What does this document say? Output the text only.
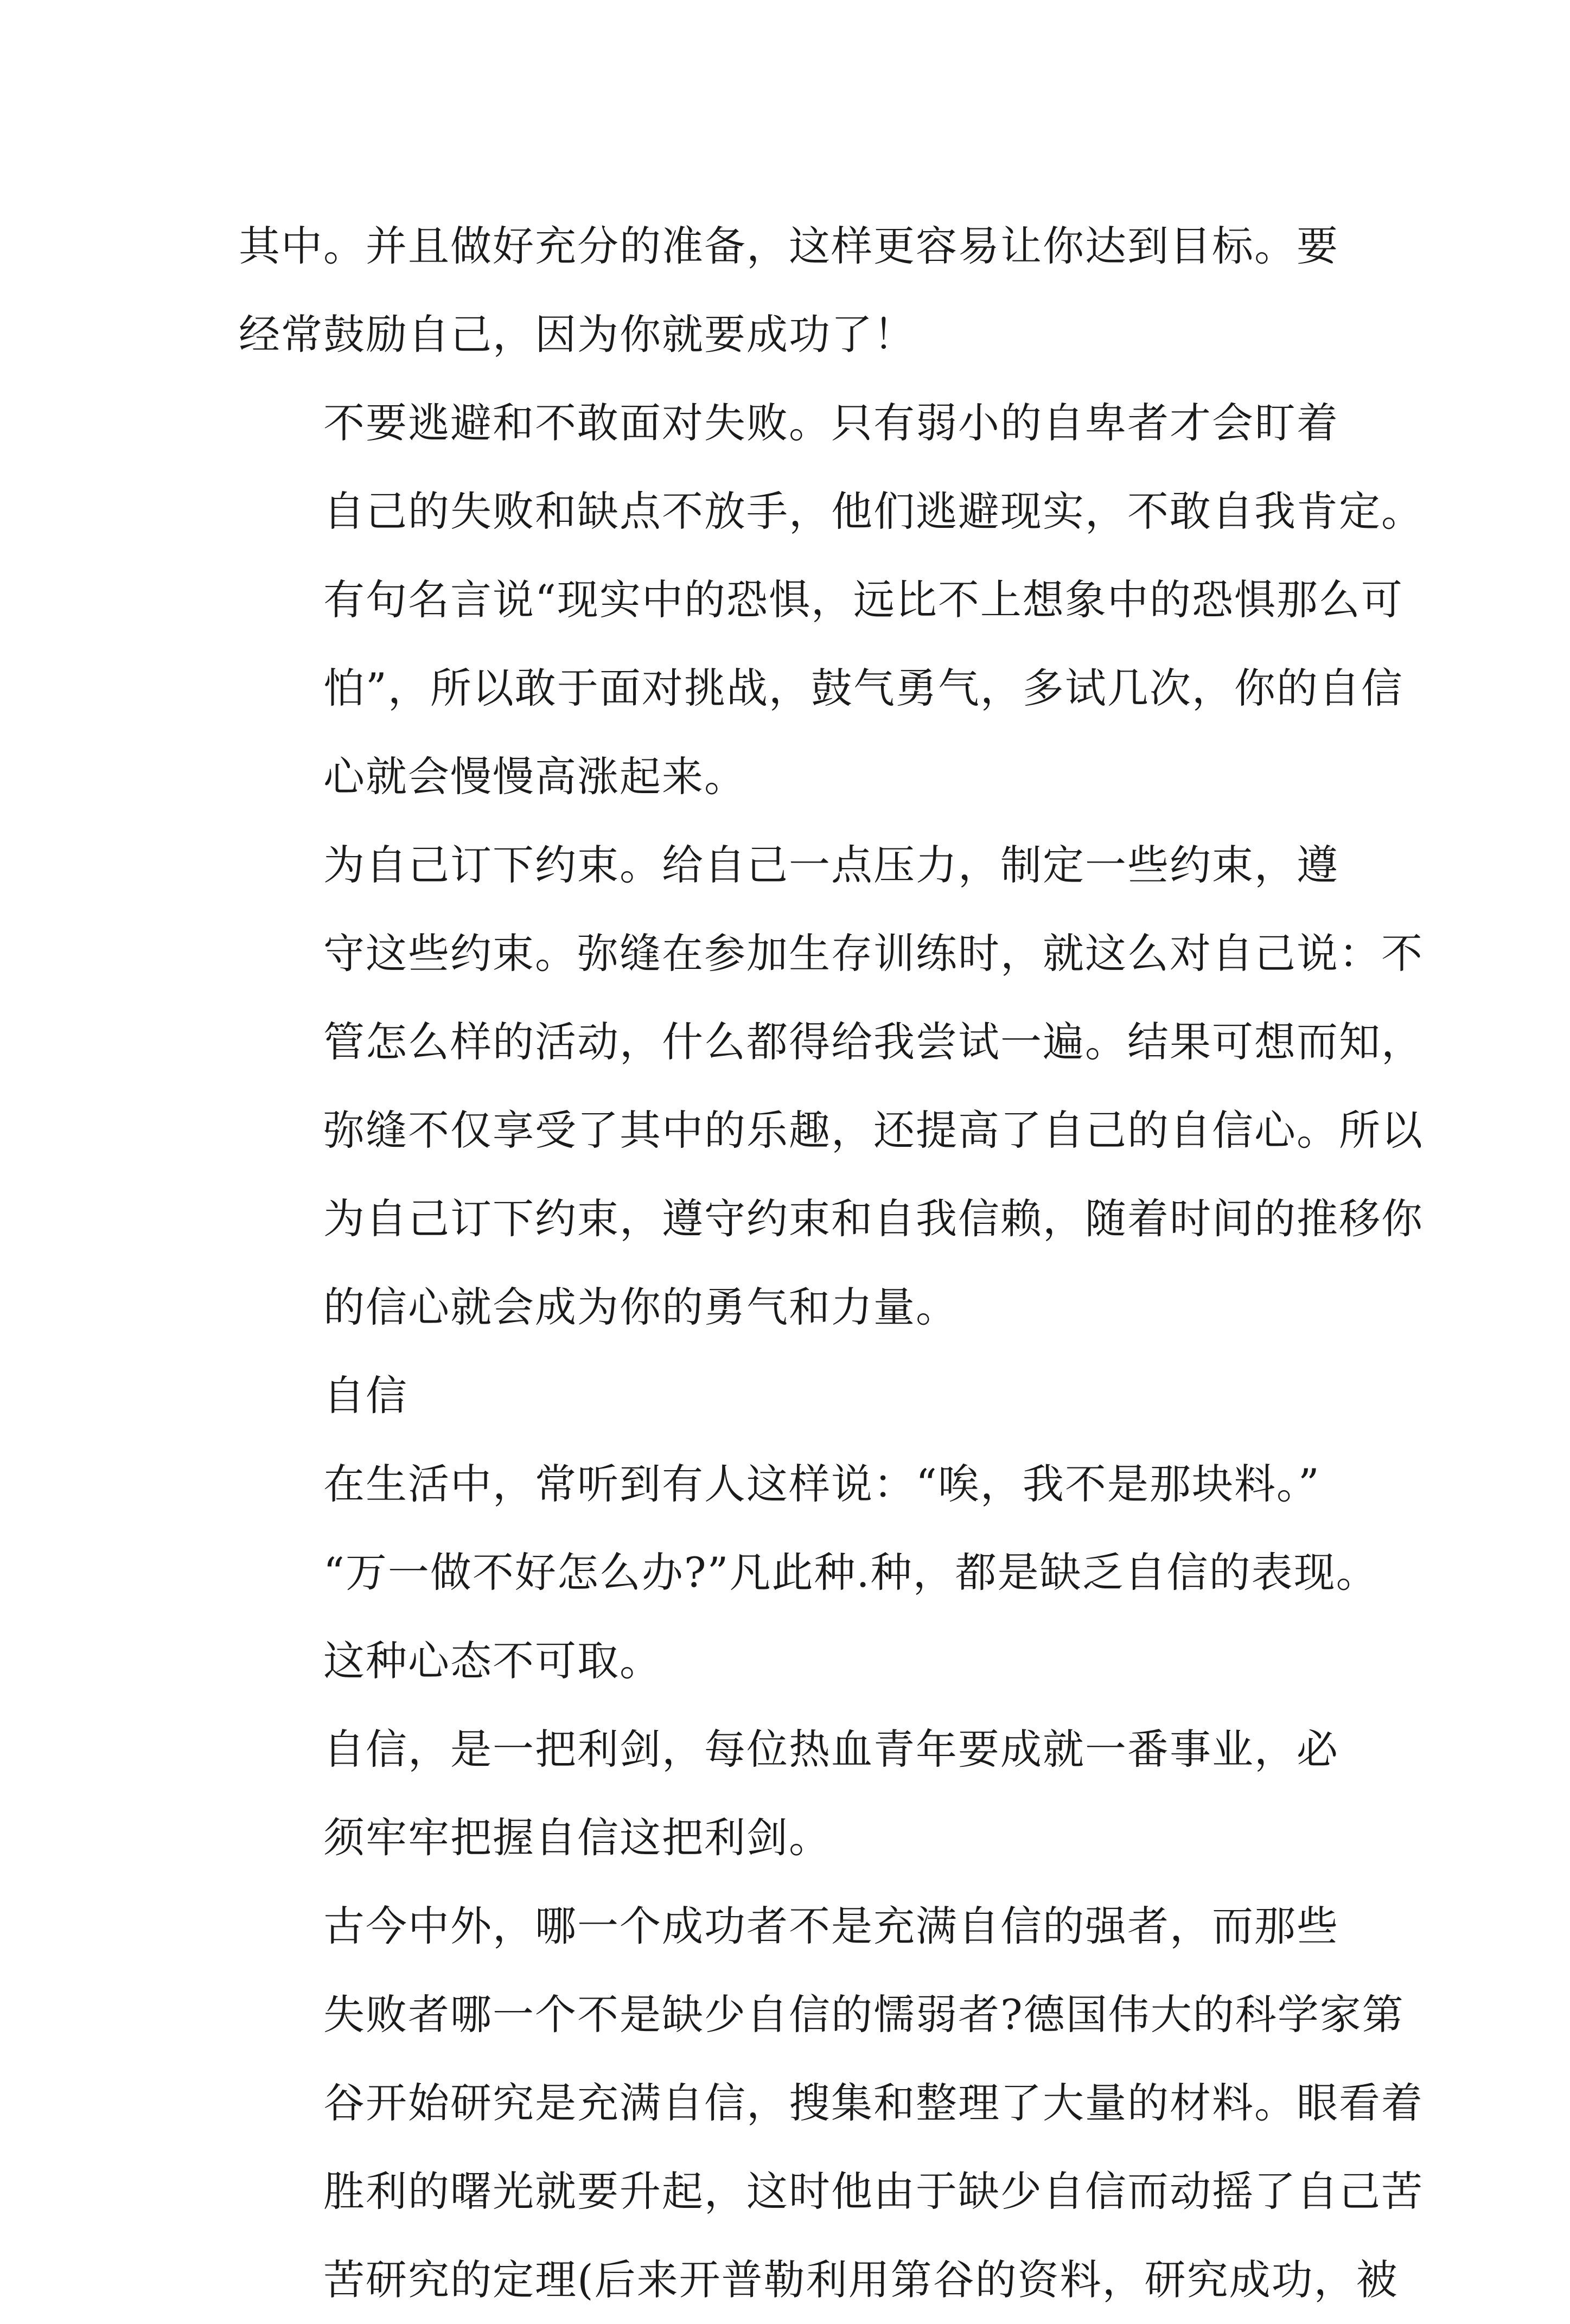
其中。并且做好充分的准备，这样更容易让你达到目标。要
经常鼓励自己，因为你就要成功了！
不要逃避和不敢面对失败。只有弱小的自卑者才会盯着
自己的失败和缺点不放手，他们逃避现实，不敢自我肯定。
有句名言说“现实中的恐惧，远比不上想象中的恐惧那么可
怕”，所以敢于面对挑战，鼓气勇气，多试几次，你的自信
心就会慢慢高涨起来。
为自己订下约束。给自己一点压力，制定一些约束，遵
守这些约束。弥缝在参加生存训练时，就这么对自己说：不
管怎么样的活动，什么都得给我尝试一遍。结果可想而知，
弥缝不仅享受了其中的乐趣，还提高了自己的自信心。所以
为自己订下约束，遵守约束和自我信赖，随着时间的推移你
的信心就会成为你的勇气和力量。
自信
在生活中，常听到有人这样说：“唉，我不是那块料。”
“万一做不好怎么办?”凡此种.种，都是缺乏自信的表现。
这种心态不可取。
自信，是一把利剑，每位热血青年要成就一番事业，必
须牢牢把握自信这把利剑。
古今中外，哪一个成功者不是充满自信的强者，而那些
失败者哪一个不是缺少自信的懦弱者?德国伟大的科学家第
谷开始研究是充满自信，搜集和整理了大量的材料。眼看着
胜利的曙光就要升起，这时他由于缺少自信而动摇了自己苦
苦研究的定理(后来开普勒利用第谷的资料，研究成功，被
